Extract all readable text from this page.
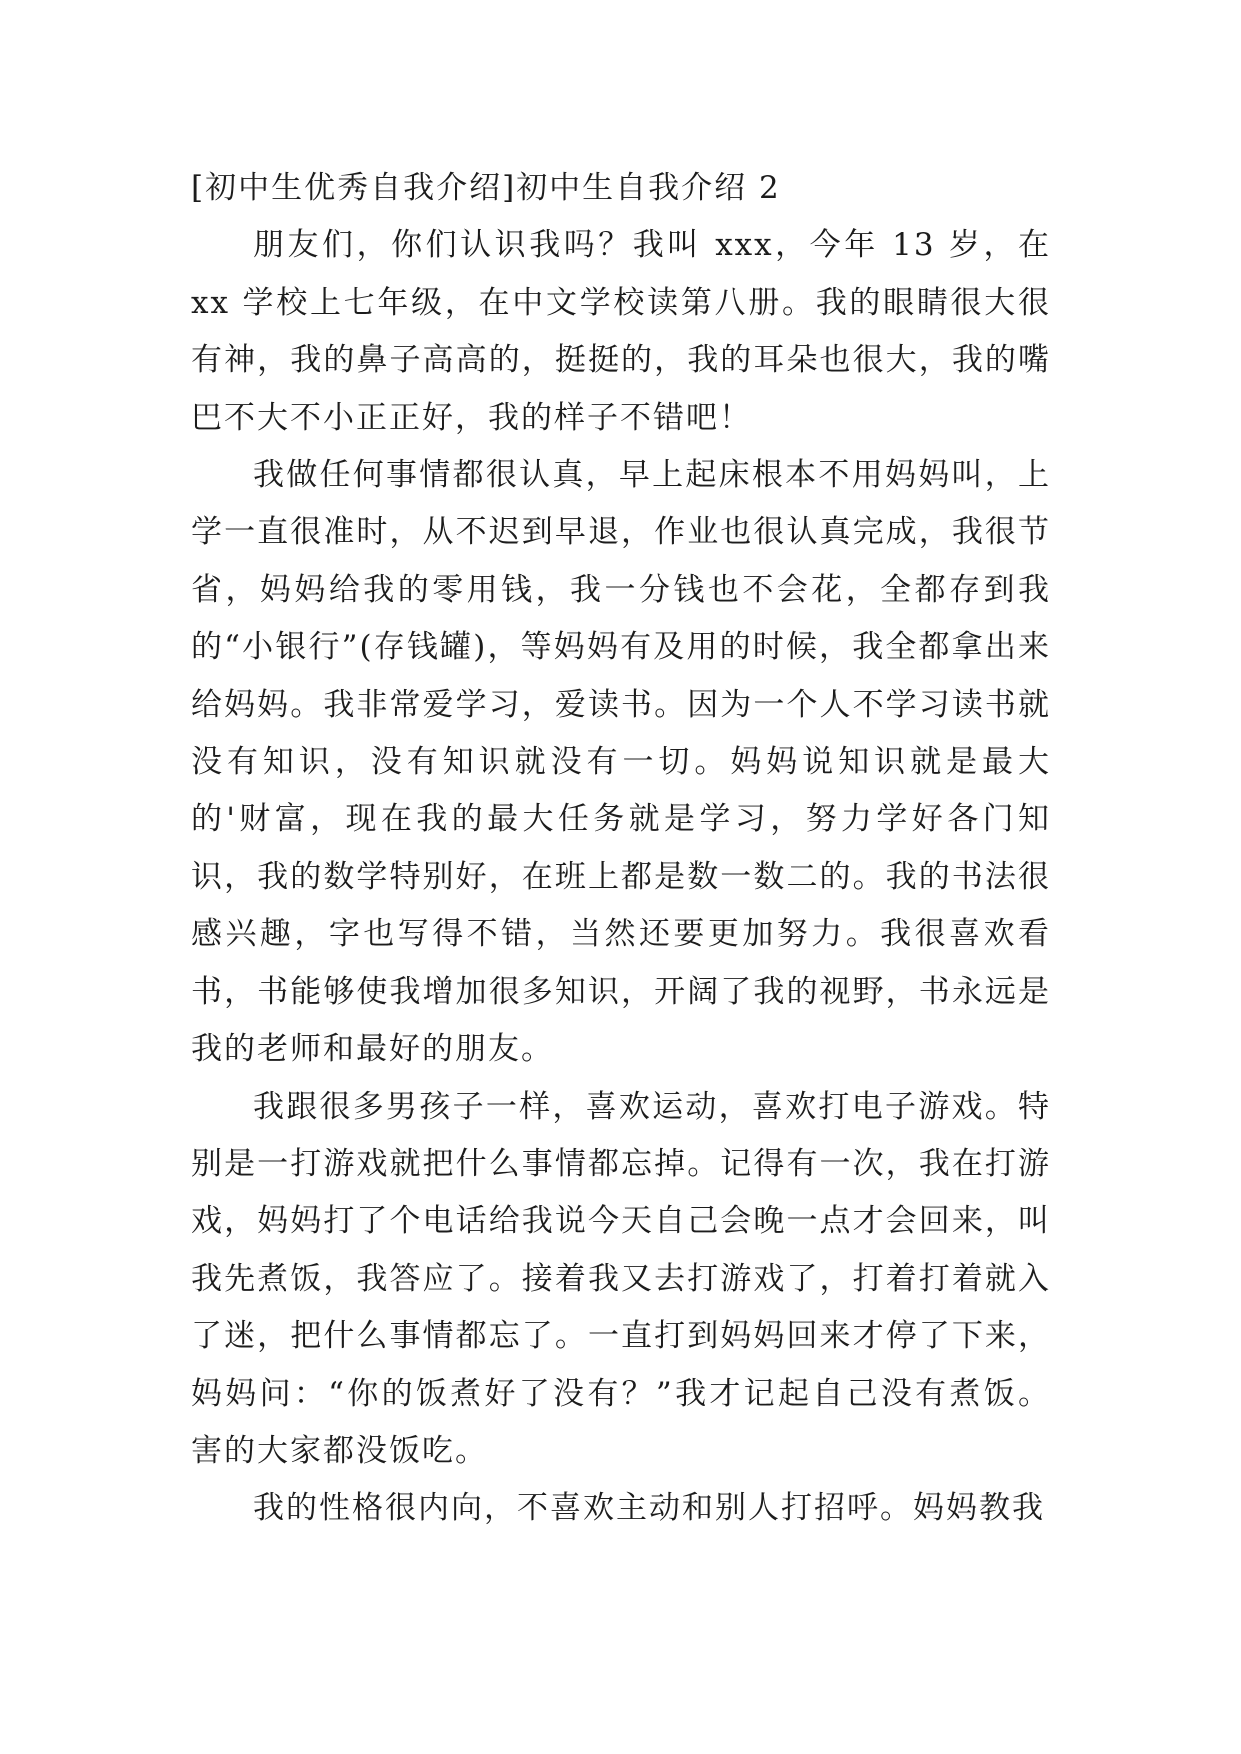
[初中生优秀自我介绍]初中生自我介绍 2

朋友们，你们认识我吗？我叫 xxx，今年 13 岁，在 xx 学校上七年级，在中文学校读第八册。我的眼睛很大很有神，我的鼻子高高的，挺挺的，我的耳朵也很大，我的嘴巴不大不小正正好，我的样子不错吧！

我做任何事情都很认真，早上起床根本不用妈妈叫，上学一直很准时，从不迟到早退，作业也很认真完成，我很节省，妈妈给我的零用钱，我一分钱也不会花，全都存到我的“小银行”(存钱罐)，等妈妈有及用的时候，我全都拿出来给妈妈。我非常爱学习，爱读书。因为一个人不学习读书就没有知识，没有知识就没有一切。妈妈说知识就是最大的'财富，现在我的最大任务就是学习，努力学好各门知识，我的数学特别好，在班上都是数一数二的。我的书法很感兴趣，字也写得不错，当然还要更加努力。我很喜欢看书，书能够使我增加很多知识，开阔了我的视野，书永远是我的老师和最好的朋友。

我跟很多男孩子一样，喜欢运动，喜欢打电子游戏。特别是一打游戏就把什么事情都忘掉。记得有一次，我在打游戏，妈妈打了个电话给我说今天自己会晚一点才会回来，叫我先煮饭，我答应了。接着我又去打游戏了，打着打着就入了迷，把什么事情都忘了。一直打到妈妈回来才停了下来，妈妈问：“你的饭煮好了没有？”我才记起自己没有煮饭。害的大家都没饭吃。

我的性格很内向，不喜欢主动和别人打招呼。妈妈教我
